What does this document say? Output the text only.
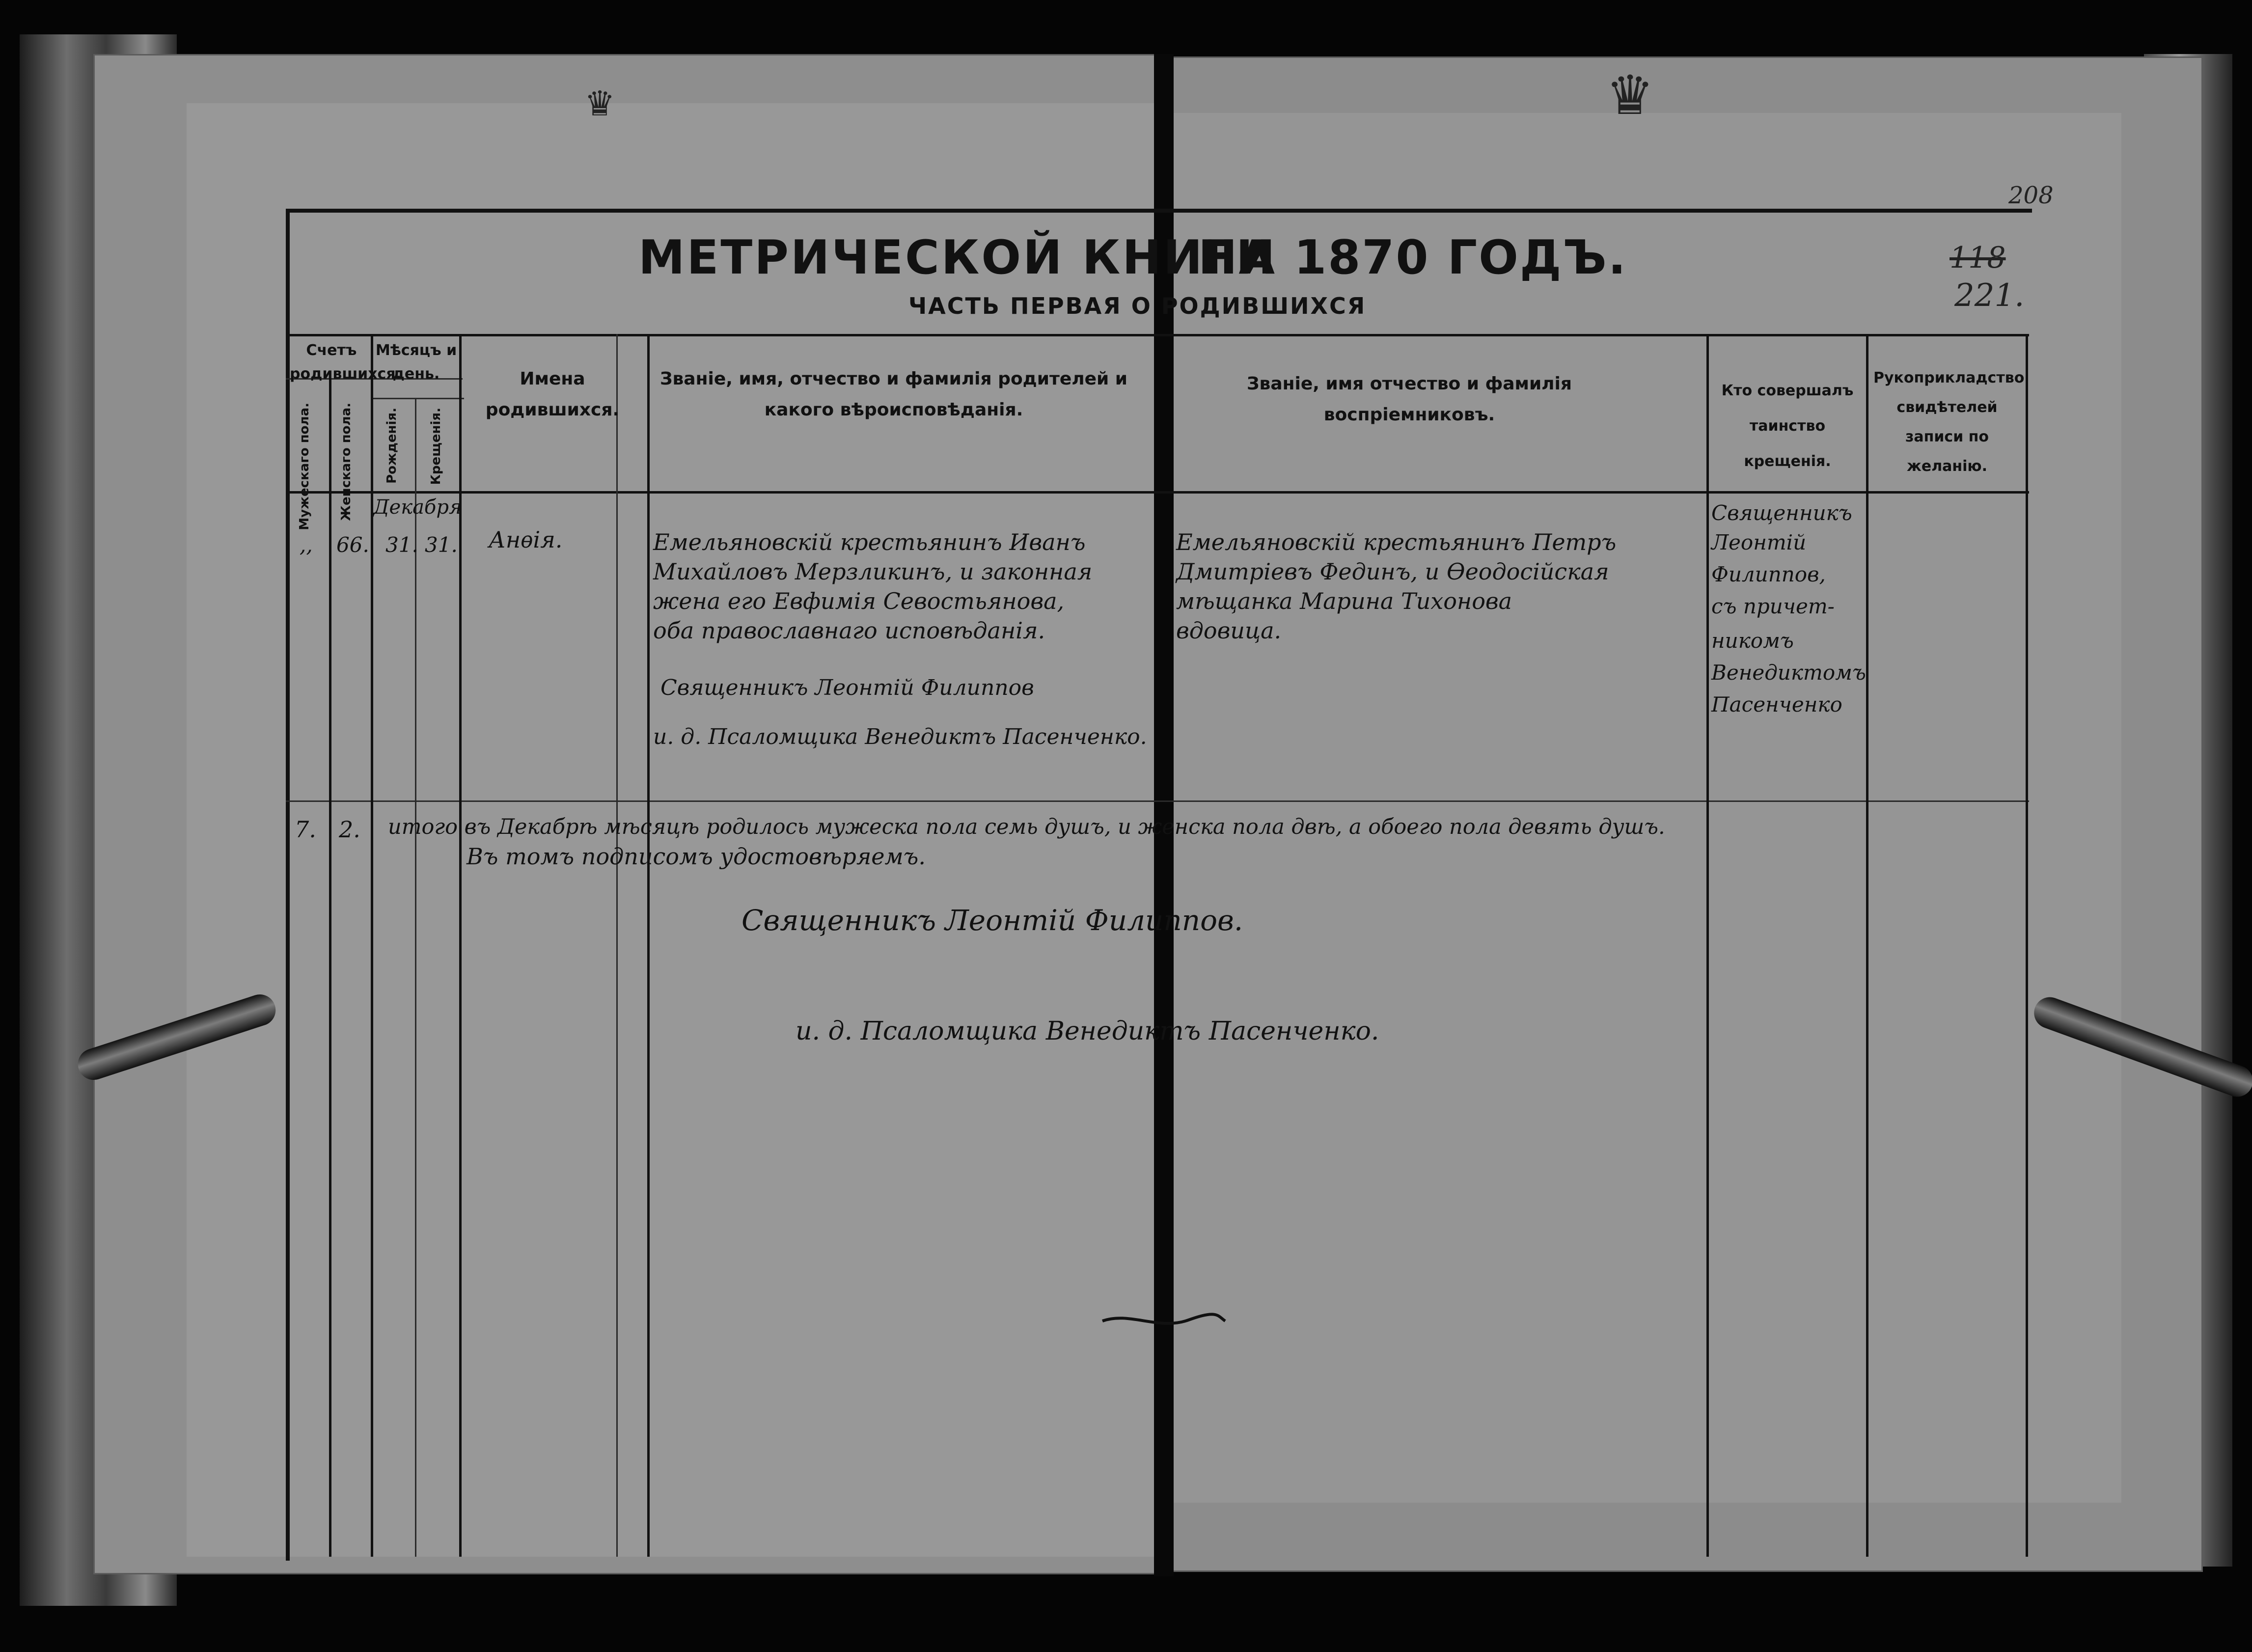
♛	♛
208
118
221.
МЕТРИЧЕСКОЙ КНИГИ
НА 1870 ГОДЪ.
ЧАСТЬ ПЕРВАЯ О РОДИВШИХСЯ
Счетъ родившихся.
Мѣсяцъ и день.
Мужескаго пола. Женскаго пола. Рожденія. Крещенія.
Имена родившихся.
Званіе, имя, отчество и фамилія родителей и какого вѣроисповѣданія.
Званіе, имя отчество и фамилія воспріемниковъ.
Кто совершалъ таинство крещенія.
Рукоприкладство свидѣтелей записи по желанію.
,, 66.
Декабря
31. 31. Анѳія.	Емельяновскій крестьянинъ Иванъ
Михайловъ Мерзликинъ, и законная
жена его Евфимія Севостьянова,
оба православнаго исповѣданія.
Священникъ Леонтій Филиппов
и. д. Псаломщика Венедиктъ Пасенченко.
Емельяновскій крестьянинъ Петръ
Дмитріевъ Фединъ, и Ѳеодосійская
мѣщанка Марина Тихонова
вдовица.
Священникъ
Леонтій
Филиппов,
съ причет-
никомъ
Венедиктомъ
Пасенченко
7. 2. итого въ Декабрѣ мѣсяцѣ родилось мужеска пола семь душъ, и женска пола двѣ, а обоего пола девять душъ.
Въ томъ подписомъ удостовѣряемъ.
Священникъ Леонтій Филиппов.
и. д. Псаломщика Венедиктъ Пасенченко.
